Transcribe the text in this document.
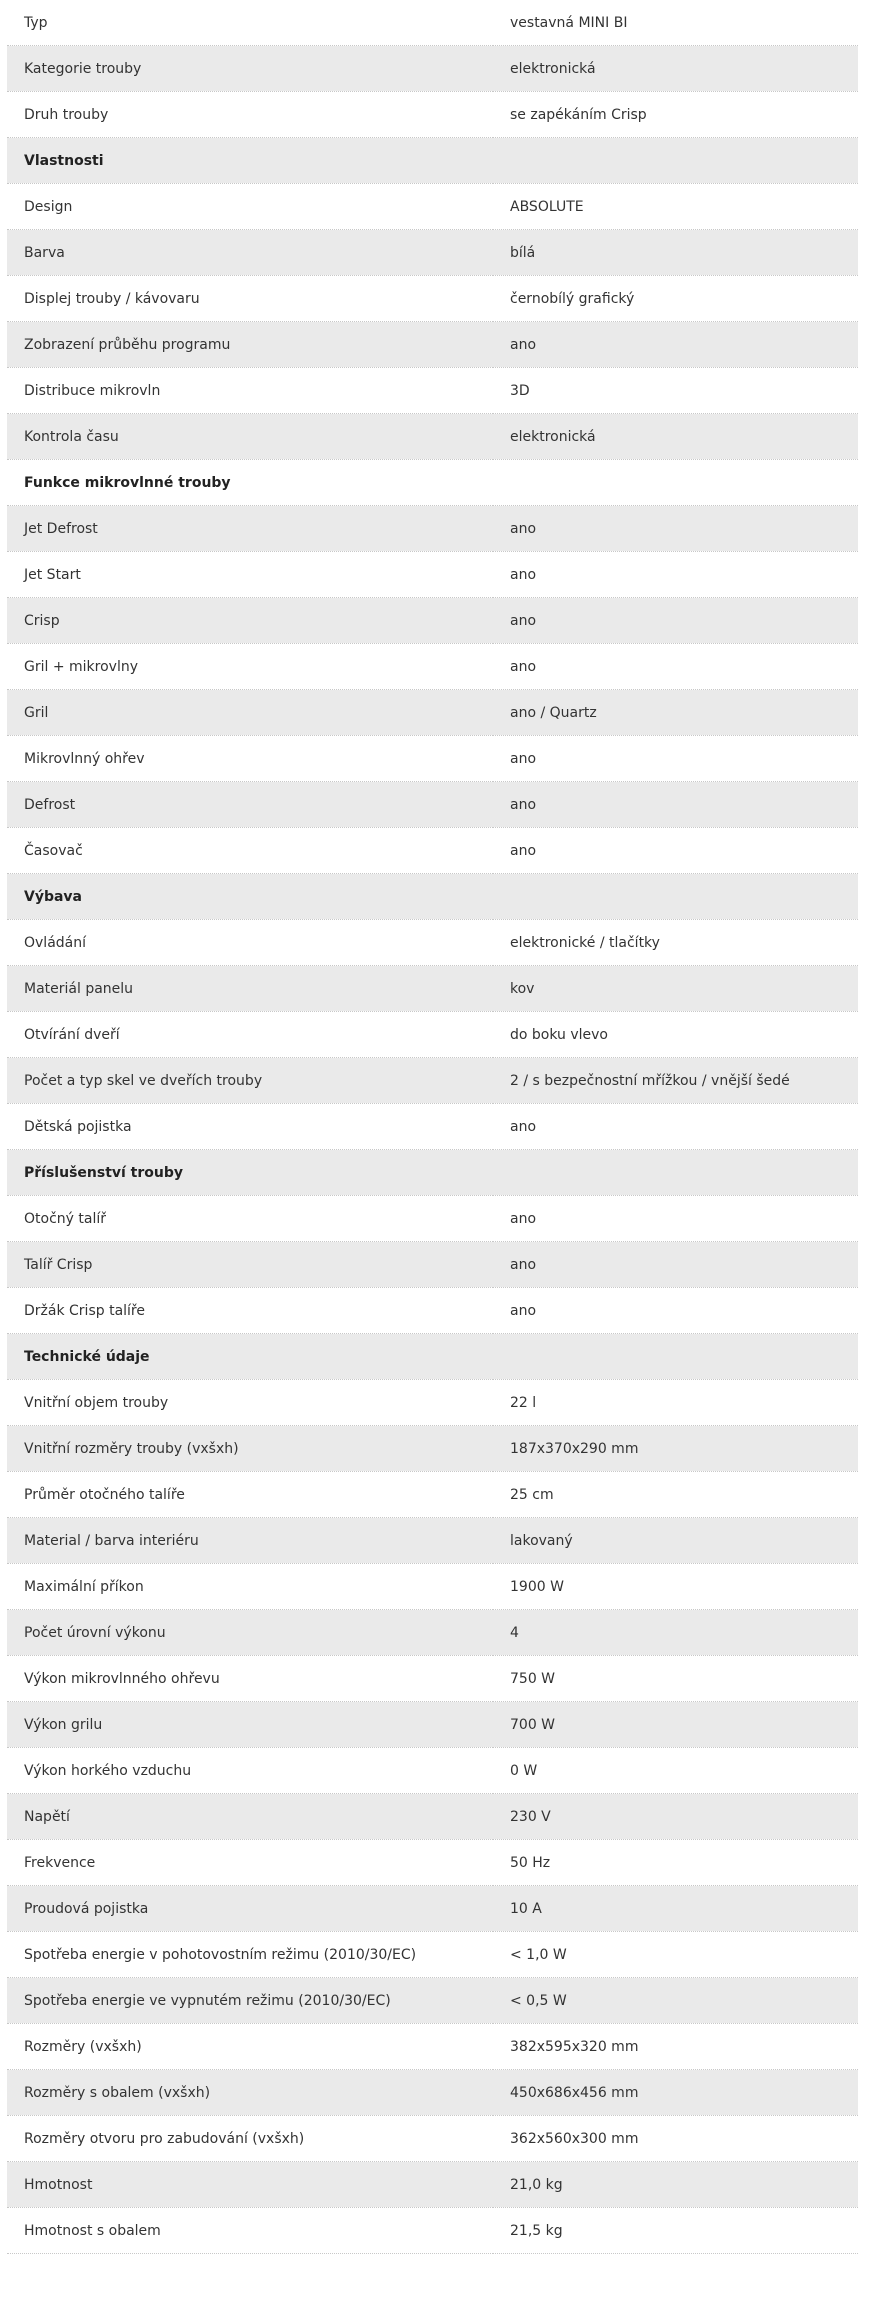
Typ	vestavná MINI BI
Kategorie trouby	elektronická
Druh trouby	se zapékáním Crisp
Vlastnosti	
Design	ABSOLUTE
Barva	bílá
Displej trouby / kávovaru	černobílý grafický
Zobrazení průběhu programu	ano
Distribuce mikrovln	3D
Kontrola času	elektronická
Funkce mikrovlnné trouby	
Jet Defrost	ano
Jet Start	ano
Crisp	ano
Gril + mikrovlny	ano
Gril	ano / Quartz
Mikrovlnný ohřev	ano
Defrost	ano
Časovač	ano
Výbava	
Ovládání	elektronické / tlačítky
Materiál panelu	kov
Otvírání dveří	do boku vlevo
Počet a typ skel ve dveřích trouby	2 / s bezpečnostní mřížkou / vnější šedé
Dětská pojistka	ano
Příslušenství trouby	
Otočný talíř	ano
Talíř Crisp	ano
Držák Crisp talíře	ano
Technické údaje	
Vnitřní objem trouby	22 l
Vnitřní rozměry trouby (vxšxh)	187x370x290 mm
Průměr otočného talíře	25 cm
Material / barva interiéru	lakovaný
Maximální příkon	1900 W
Počet úrovní výkonu	4
Výkon mikrovlnného ohřevu	750 W
Výkon grilu	700 W
Výkon horkého vzduchu	0 W
Napětí	230 V
Frekvence	50 Hz
Proudová pojistka	10 A
Spotřeba energie v pohotovostním režimu (2010/30/EC)	< 1,0 W
Spotřeba energie ve vypnutém režimu (2010/30/EC)	< 0,5 W
Rozměry (vxšxh)	382x595x320 mm
Rozměry s obalem (vxšxh)	450x686x456 mm
Rozměry otvoru pro zabudování (vxšxh)	362x560x300 mm
Hmotnost	21,0 kg
Hmotnost s obalem	21,5 kg
